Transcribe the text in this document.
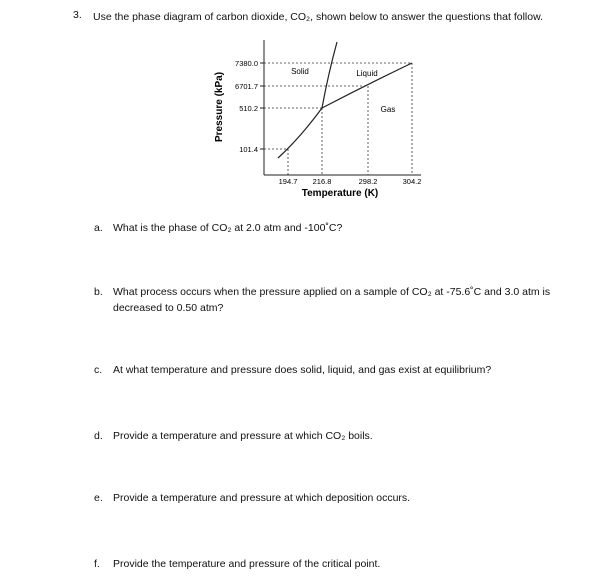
3. Use the phase diagram of carbon dioxide, CO₂, shown below to answer the questions that follow.
7380.0
6701.7
510.2
101.4
194.7 216.8	298.2	304.2
Solid	Liquid
Gas
Temperature (K)
Pressure (kPa)
a. What is the phase of CO₂ at 2.0 atm and -100˚C?
b. What process occurs when the pressure applied on a sample of CO₂ at -75.6˚C and 3.0 atm is decreased to 0.50 atm?
c. At what temperature and pressure does solid, liquid, and gas exist at equilibrium?
d. Provide a temperature and pressure at which CO₂ boils.
e. Provide a temperature and pressure at which deposition occurs.
f. Provide the temperature and pressure of the critical point.
